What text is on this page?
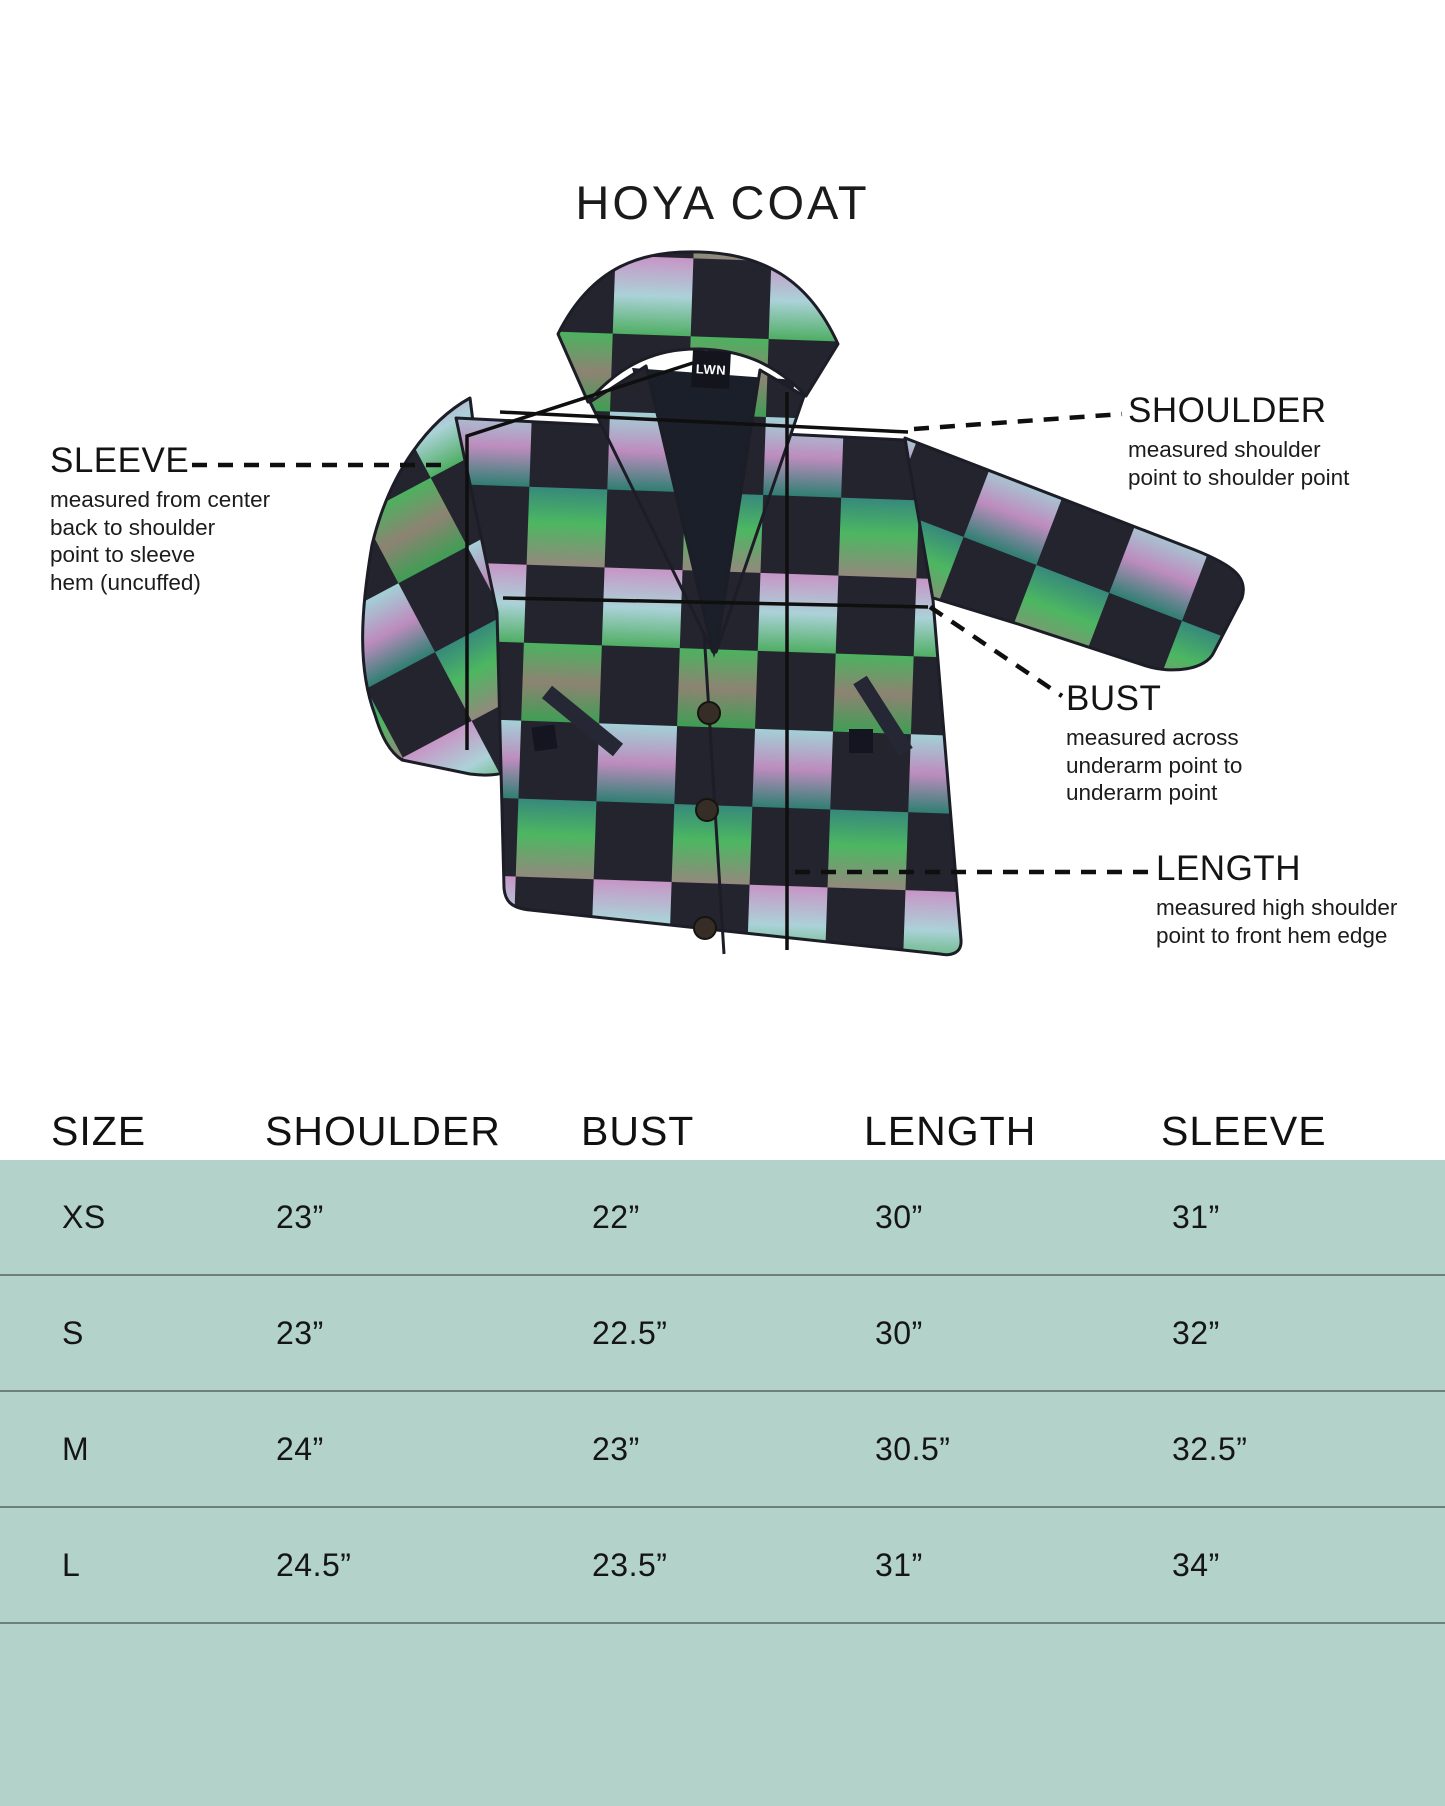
HOYA COAT
LWN
SLEEVE
measured from center
back to shoulder
point to sleeve
hem (uncuffed)
SHOULDER
measured shoulder
point to shoulder point
BUST
measured across
underarm point to
underarm point
LENGTH
measured high shoulder
point to front hem edge
SIZE	SHOULDER	BUST	LENGTH	SLEEVE
XS	23”	22”	30”	31”
S	23”	22.5”	30”	32”
M	24”	23”	30.5”	32.5”
L	24.5”	23.5”	31”	34”
